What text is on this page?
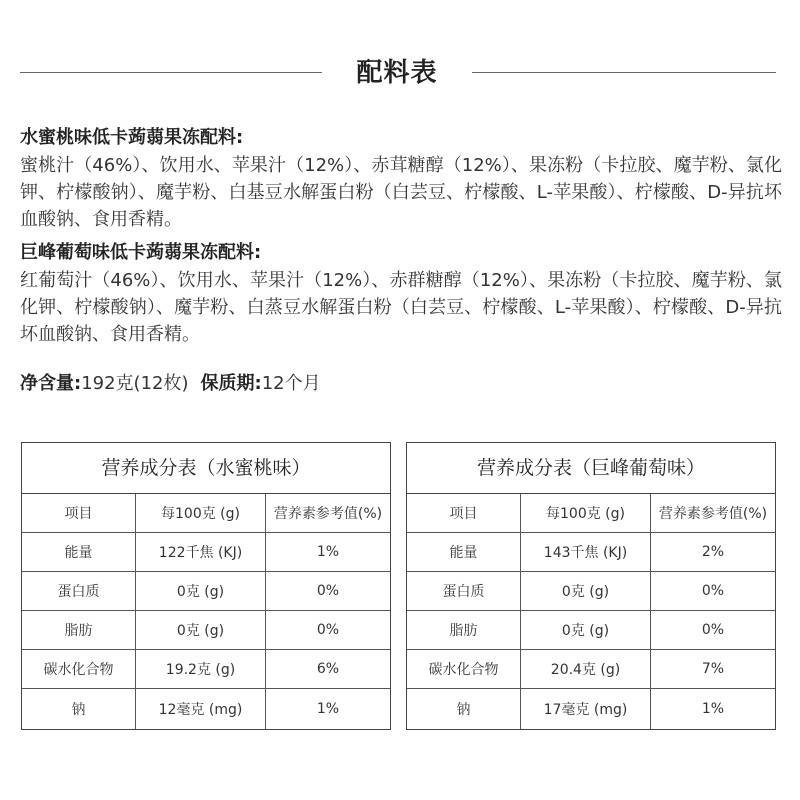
配料表

水蜜桃味低卡蒟蒻果冻配料:

蜜桃汁（46%）、饮用水、苹果汁（12%）、赤茸糖醇（12%）、果冻粉（卡拉胶、魔芋粉、氯化钾、柠檬酸钠）、魔芋粉、白基豆水解蛋白粉（白芸豆、柠檬酸、L-苹果酸）、柠檬酸、D-异抗坏血酸钠、食用香精。

巨峰葡萄味低卡蒟蒻果冻配料:

红葡萄汁（46%）、饮用水、苹果汁（12%）、赤群糖醇（12%）、果冻粉（卡拉胶、魔芋粉、氯化钾、柠檬酸钠）、魔芋粉、白蒸豆水解蛋白粉（白芸豆、柠檬酸、L-苹果酸）、柠檬酸、D-异抗坏血酸钠、食用香精。

净含量:192克(12枚) 保质期:12个月
营养成分表（水蜜桃味）
项目	每100克 (g)	营养素参考值(%)
能量	122千焦 (KJ)	1%
蛋白质	0克 (g)	0%
脂肪	0克 (g)	0%
碳水化合物	19.2克 (g)	6%
钠	12毫克 (mg)	1%
营养成分表（巨峰葡萄味）
项目	每100克 (g)	营养素参考值(%)
能量	143千焦 (KJ)	2%
蛋白质	0克 (g)	0%
脂肪	0克 (g)	0%
碳水化合物	20.4克 (g)	7%
钠	17毫克 (mg)	1%
